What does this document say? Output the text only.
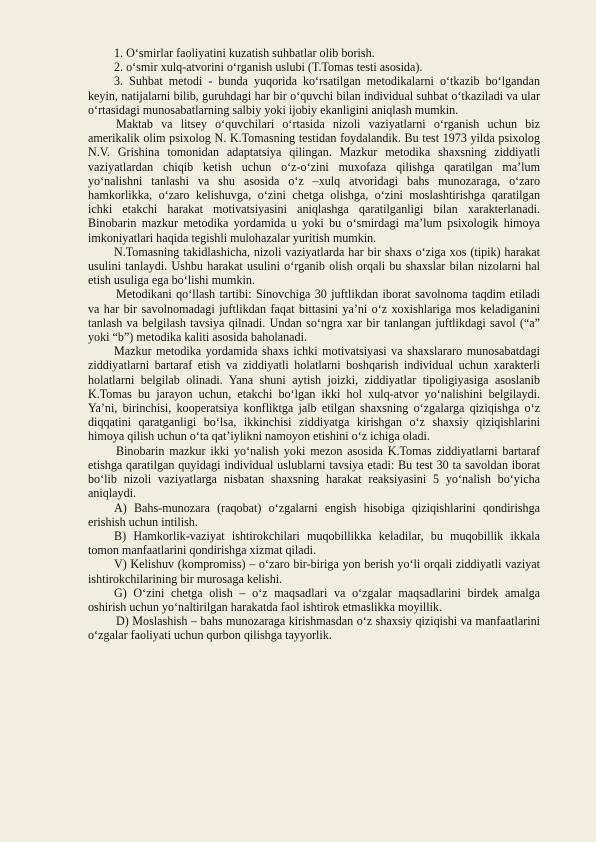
1. O‘smirlar faoliyatini kuzatish suhbatlar olib borish.

2. o‘smir xulq-atvorini o‘rganish uslubi (T.Tomas testi asosida).

3. Suhbat metodi - bunda yuqorida ko‘rsatilgan metodikalarni o‘tkazib bo‘lgandan keyin, natijalarni bilib, guruhdagi har bir o‘quvchi bilan individual suhbat o‘tkaziladi va ular o‘rtasidagi munosabatlarning salbiy yoki ijobiy ekanligini aniqlash mumkin.

Maktab va litsey o‘quvchilari o‘rtasida nizoli vaziyatlarni o‘rganish uchun biz amerikalik olim psixolog N. K.Tomasning testidan foydalandik. Bu test 1973 yilda psixolog N.V. Grishina tomonidan adaptatsiya qilingan. Mazkur metodika shaxsning ziddiyatli vaziyatlardan chiqib ketish uchun o‘z-o‘zini muxofaza qilishga qaratilgan ma’lum yo‘nalishni tanlashi va shu asosida o‘z –xulq atvoridagi bahs munozaraga, o‘zaro hamkorlikka, o‘zaro kelishuvga, o‘zini chetga olishga, o‘zini moslashtirishga qaratilgan ichki etakchi harakat motivatsiyasini aniqlashga qaratilganligi bilan xarakterlanadi. Binobarin mazkur metodika yordamida u yoki bu o‘smirdagi ma’lum psixologik himoya imkoniyatlari haqida tegishli mulohazalar yuritish mumkin.

N.Tomasning takidlashicha, nizoli vaziyatlarda har bir shaxs o‘ziga xos (tipik) harakat usulini tanlaydi. Ushbu harakat usulini o‘rganib olish orqali bu shaxslar bilan nizolarni hal etish usuliga ega bo‘lishi mumkin.

Metodikani qo‘llash tartibi: Sinovchiga 30 juftlikdan iborat savolnoma taqdim etiladi va har bir savolnomadagi juftlikdan faqat bittasini ya’ni o‘z xoxishlariga mos keladiganini tanlash va belgilash tavsiya qilnadi. Undan so‘ngra xar bir tanlangan juftlikdagi savol (“a” yoki “b”) metodika kaliti asosida baholanadi.

Mazkur metodika yordamida shaxs ichki motivatsiyasi va shaxslararo munosabatdagi ziddiyatlarni bartaraf etish va ziddiyatli holatlarni boshqarish individual uchun xarakterli holatlarni belgilab olinadi. Yana shuni aytish joizki, ziddiyatlar tipoligiyasiga asoslanib K.Tomas bu jarayon uchun, etakchi bo‘lgan ikki hol xulq-atvor yo‘nalishini belgilaydi. Ya’ni, birinchisi, kooperatsiya konfliktga jalb etilgan shaxsning o‘zgalarga qiziqishga o‘z diqqatini qaratganligi bo‘lsa, ikkinchisi ziddiyatga kirishgan o‘z shaxsiy qiziqishlarini himoya qilish uchun o‘ta qat’iylikni namoyon etishini o‘z ichiga oladi.

Binobarin mazkur ikki yo‘nalish yoki mezon asosida K.Tomas ziddiyatlarni bartaraf etishga qaratilgan quyidagi individual uslublarni tavsiya etadi: Bu test 30 ta savoldan iborat bo‘lib nizoli vaziyatlarga nisbatan shaxsning harakat reaksiyasini 5 yo‘nalish bo‘yicha aniqlaydi.

A) Bahs-munozara (raqobat) o‘zgalarni engish hisobiga qiziqishlarini qondirishga erishish uchun intilish.

B) Hamkorlik-vaziyat ishtirokchilari muqobillikka keladilar, bu muqobillik ikkala tomon manfaatlarini qondirishga xizmat qiladi.

V) Kelishuv (kompromiss) – o‘zaro bir-biriga yon berish yo‘li orqali ziddiyatli vaziyat ishtirokchilarining bir murosaga kelishi.

G) O‘zini chetga olish – o‘z maqsadlari va o‘zgalar maqsadlarini birdek amalga oshirish uchun yo‘naltirilgan harakatda faol ishtirok etmaslikka moyillik.

D) Moslashish – bahs munozaraga kirishmasdan o‘z shaxsiy qiziqishi va manfaatlarini o‘zgalar faoliyati uchun qurbon qilishga tayyorlik.
